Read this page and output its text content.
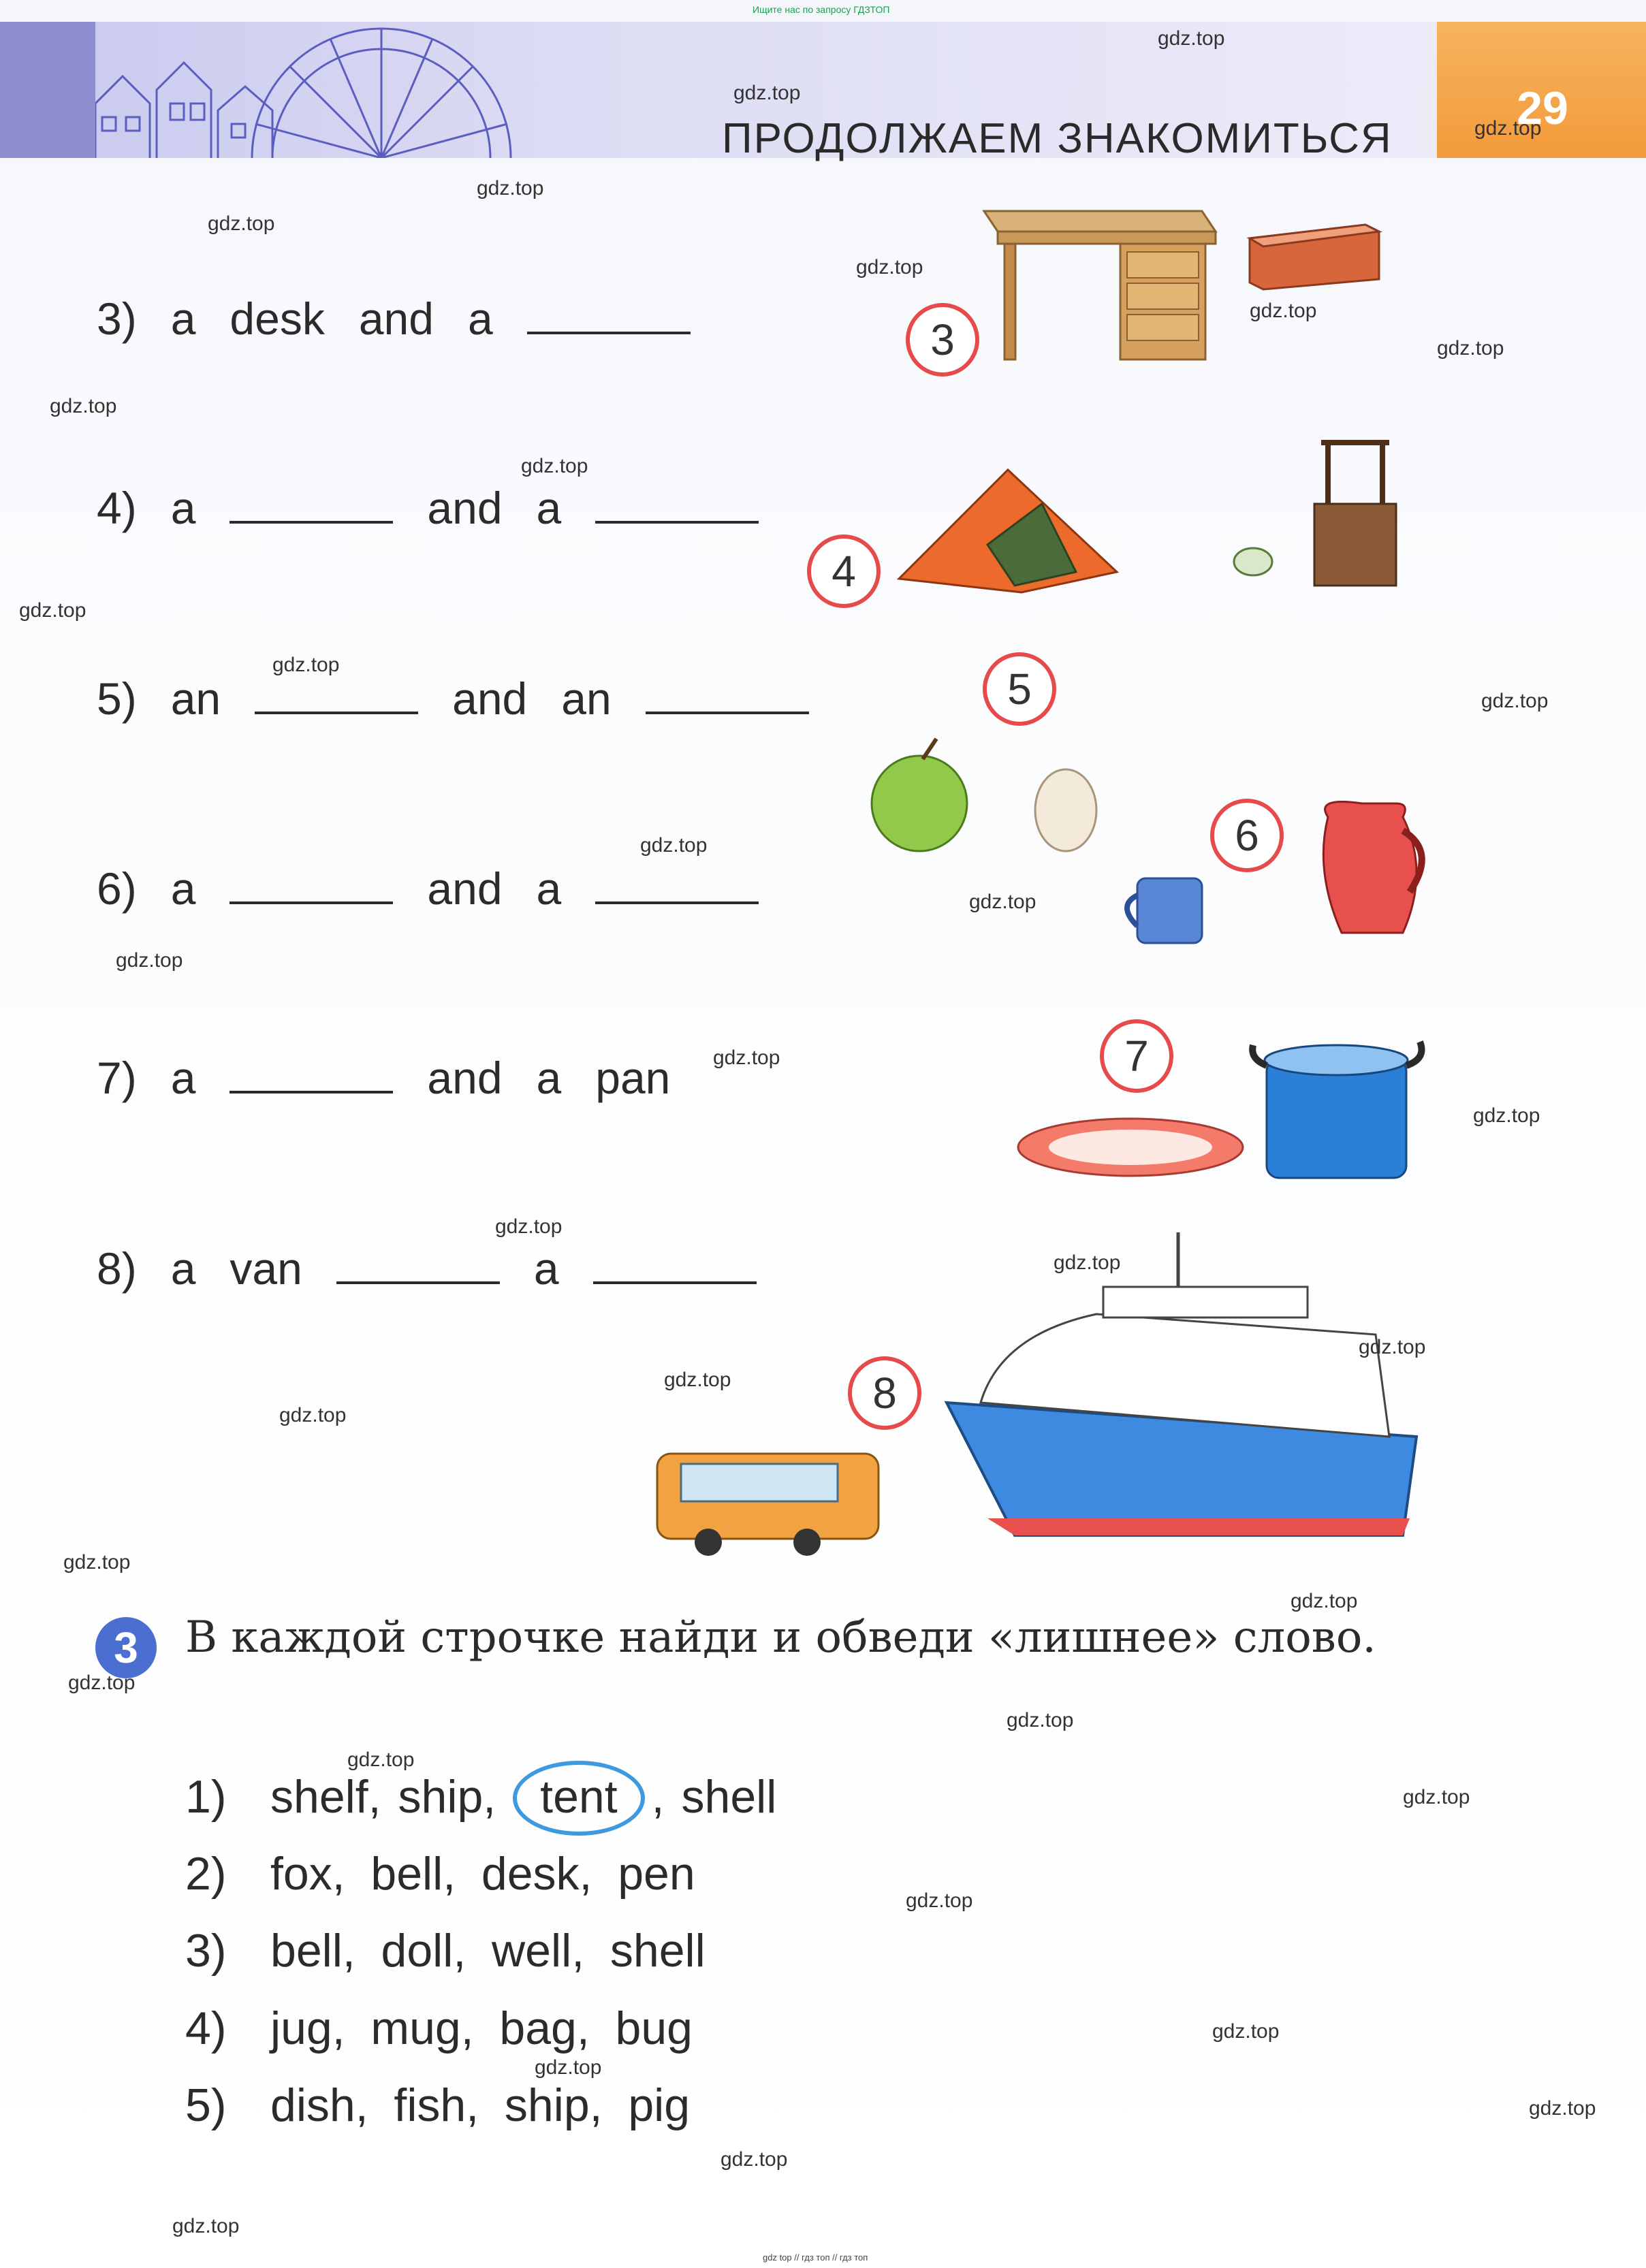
29
ПРОДОЛЖАЕМ ЗНАКОМИТЬСЯ
Ищите нас по запросу ГДЗТОП
3) a desk and a
4) a	and a
5) an	and an
6) a	and a
7) a	and a pan
8) a van	a
3
4
5
6
7
8
3	В каждой строчке найди и обведи «лишнее» слово.
1) shelf, ship, tent , shell
2) fox,  bell,  desk,  pen
3) bell,  doll,  well,  shell
4) jug,  mug,  bag,  bug
5) dish,  fish,  ship,  pig
gdz.top
gdz.top
gdz.top
gdz.top
gdz.top
gdz.top
gdz.top
gdz.top
gdz.top
gdz.top
gdz.top
gdz.top
gdz.top
gdz.top
gdz.top
gdz.top
gdz.top
gdz.top
gdz.top
gdz.top
gdz.top
gdz.top
gdz.top
gdz.top
gdz.top
gdz.top
gdz.top
gdz.top
gdz.top
gdz.top
gdz.top
gdz.top
gdz.top
gdz.top
gdz.top
gdz top // гдз топ // гдз топ
